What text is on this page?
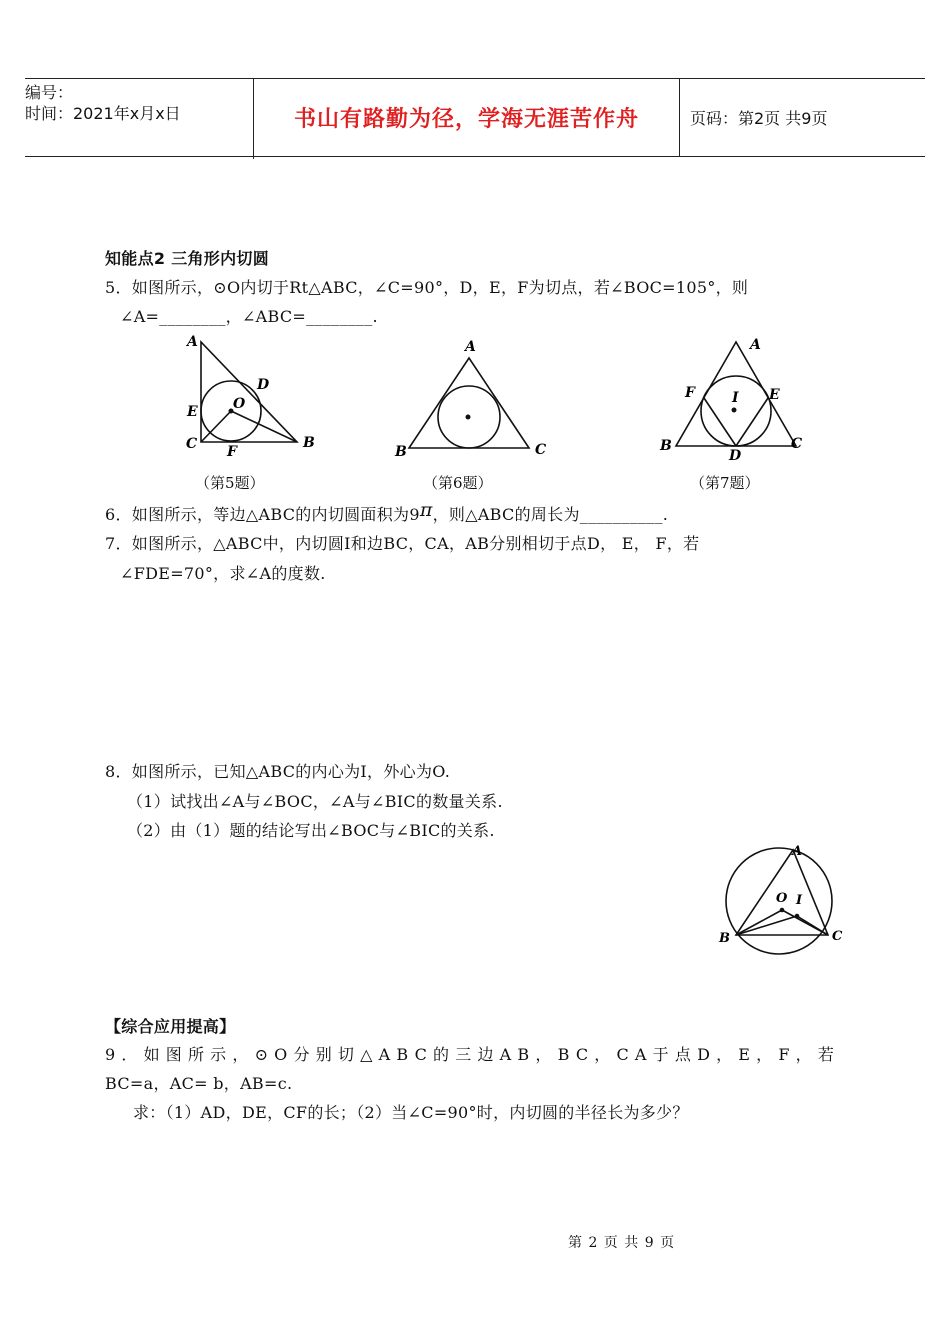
编号：
时间：2021年x月x日	书山有路勤为径，学海无涯苦作舟	页码：第2页 共9页
知能点2 三角形内切圆
5．如图所示，⊙O内切于Rt△ABC，∠C=90°，D，E，F为切点，若∠BOC=105°，则
∠A=________，∠ABC=________.
A
D
E	O
C F
B
（第5题）
A
B	C
（第6题）
A
F	E
I
B
D
C
（第7题）
6．如图所示，等边△ABC的内切圆面积为9π，则△ABC的周长为__________.
7．如图所示，△ABC中，内切圆I和边BC，CA，AB分别相切于点D， E， F，若
∠FDE=70°，求∠A的度数.
8．如图所示，已知△ABC的内心为I，外心为O.
（1）试找出∠A与∠BOC，∠A与∠BIC的数量关系.
（2）由（1）题的结论写出∠BOC与∠BIC的关系.
A
O I
B	C
【综合应用提高】
9．如图所示，⊙O分别切△ABC的三边AB，BC，CA于点D，E，F，若
BC=a，AC= b，AB=c.
求：（1）AD，DE，CF的长；（2）当∠C=90°时，内切圆的半径长为多少？
第 2 页 共 9 页
